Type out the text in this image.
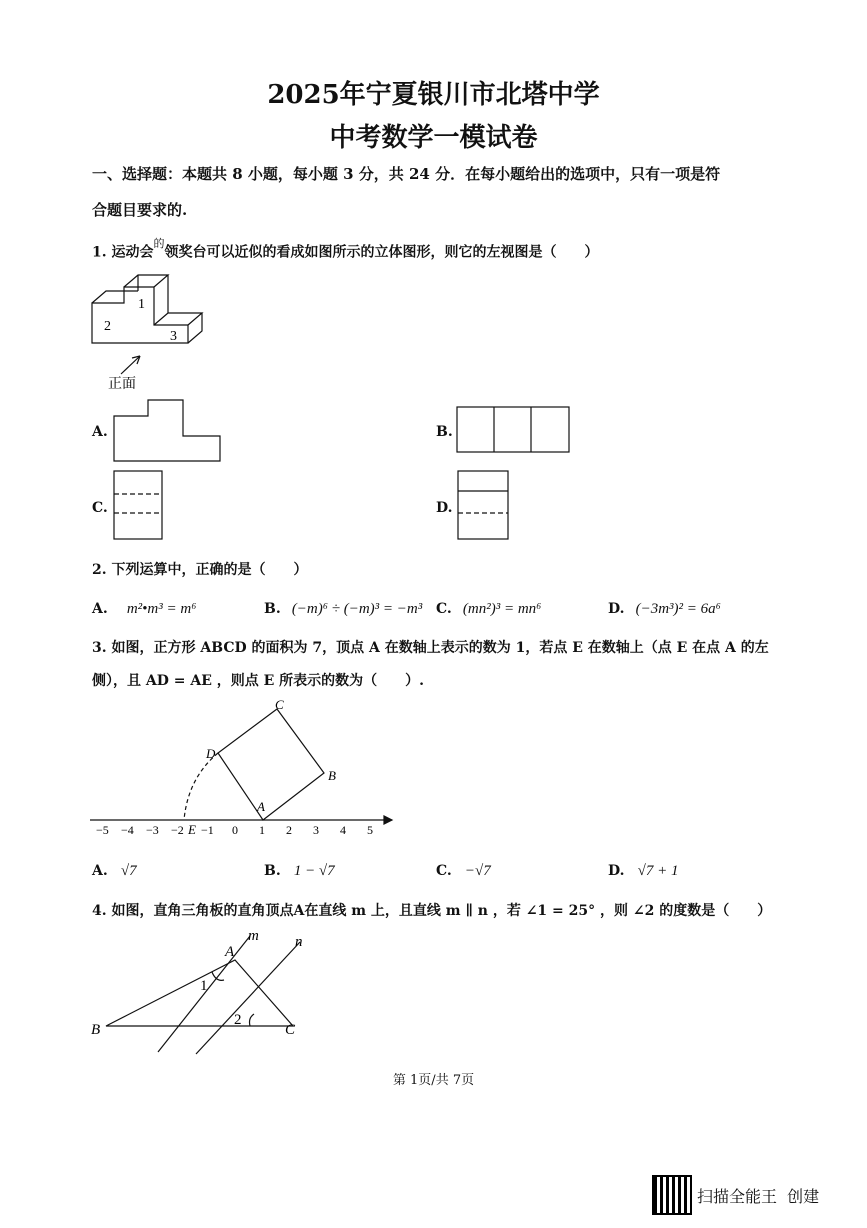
2025年宁夏银川市北塔中学
中考数学一模试卷
一、选择题：本题共 8 小题，每小题 3 分，共 24 分．在每小题给出的选项中，只有一项是符
合题目要求的.
1. 运动会$^的$领奖台可以近似的看成如图所示的立体图形，则它的左视图是（　　）
1
2
3
正面
A.	B.
C.	D.
2. 下列运算中，正确的是（　　）
A. m²•m³ = m⁶	B. (−m)⁶ ÷ (−m)³ = −m³ C. (mn²)³ = mn⁶	D. (−3m³)² = 6a⁶
3. 如图，正方形 ABCD 的面积为 7，顶点 A 在数轴上表示的数为 1，若点 E 在数轴上（点 E 在点 A 的左
侧），且 AD = AE ，则点 E 所表示的数为（　　）.
A
B
C
D
E
−5 −4 −3 −2 −1 0 1 2 3 4 5
A. √7	B. 1 − √7	C. −√7	D. √7 + 1
4. 如图，直角三角板的直角顶点A在直线 m 上，且直线 m ∥ n ，若 ∠1 = 25° ，则 ∠2 的度数是（　　）
A
B	C
m n
1
2
第 1页/共 7页
扫描全能王  创建
